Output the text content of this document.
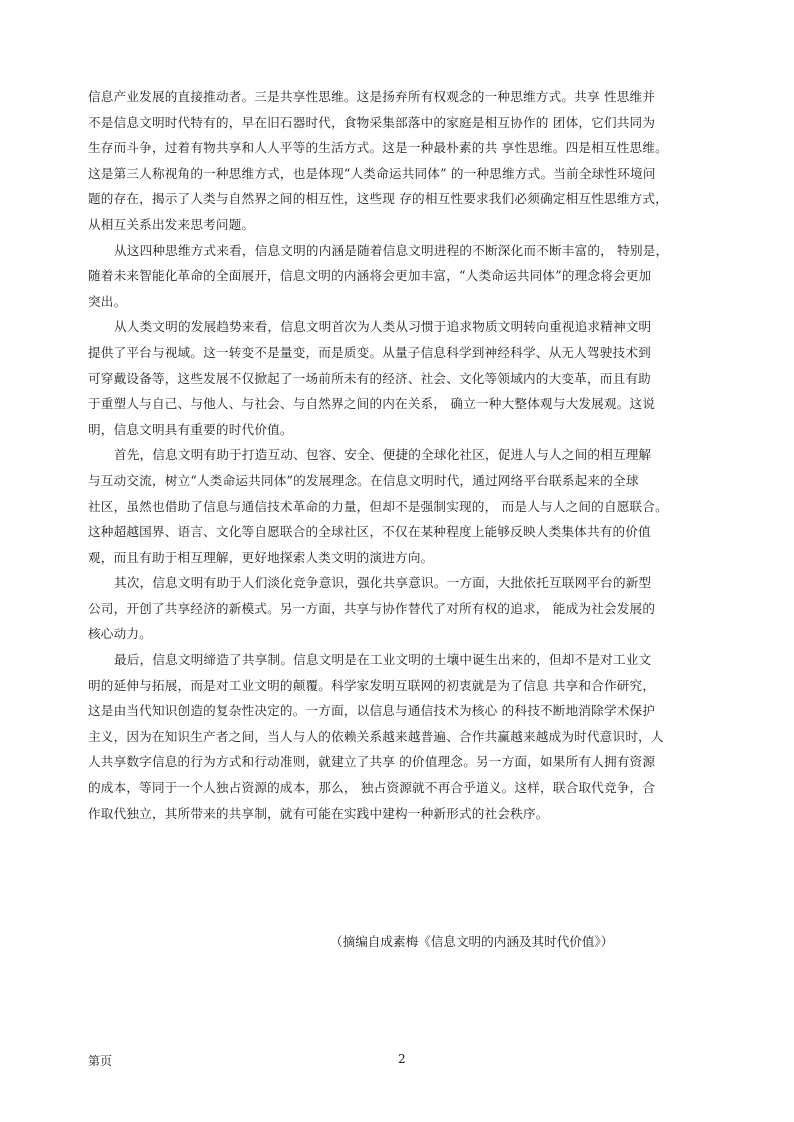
信息产业发展的直接推动者。三是共享性思维。这是扬弃所有权观念的一种思维方式。共享 性思维并
不是信息文明时代特有的，早在旧石器时代，食物采集部落中的家庭是相互协作的 团体，它们共同为
生存而斗争，过着有物共享和人人平等的生活方式。这是一种最朴素的共 享性思维。四是相互性思维。
这是第三人称视角的一种思维方式，也是体现“人类命运共同体” 的一种思维方式。当前全球性环境问
题的存在，揭示了人类与自然界之间的相互性，这些现 存的相互性要求我们必须确定相互性思维方式，
从相互关系出发来思考问题。
从这四种思维方式来看，信息文明的内涵是随着信息文明进程的不断深化而不断丰富的， 特别是，
随着未来智能化革命的全面展开，信息文明的内涵将会更加丰富，“人类命运共同体”的理念将会更加
突出。
从人类文明的发展趋势来看，信息文明首次为人类从习惯于追求物质文明转向重视追求精神文明
提供了平台与视域。这一转变不是量变，而是质变。从量子信息科学到神经科学、从无人驾驶技术到
可穿戴设备等，这些发展不仅掀起了一场前所未有的经济、社会、文化等领域内的大变革，而且有助
于重塑人与自己、与他人、与社会、与自然界之间的内在关系， 确立一种大整体观与大发展观。这说
明，信息文明具有重要的时代价值。
首先，信息文明有助于打造互动、包容、安全、便捷的全球化社区，促进人与人之间的相互理解
与互动交流，树立“人类命运共同体”的发展理念。在信息文明时代，通过网络平台联系起来的全球
社区，虽然也借助了信息与通信技术革命的力量，但却不是强制实现的， 而是人与人之间的自愿联合。
这种超越国界、语言、文化等自愿联合的全球社区，不仅在某种程度上能够反映人类集体共有的价值
观，而且有助于相互理解，更好地探索人类文明的演进方向。
其次，信息文明有助于人们淡化竞争意识，强化共享意识。一方面，大批依托互联网平台的新型
公司，开创了共享经济的新模式。另一方面，共享与协作替代了对所有权的追求， 能成为社会发展的
核心动力。
最后，信息文明缔造了共享制。信息文明是在工业文明的土壤中诞生出来的，但却不是对工业文
明的延伸与拓展，而是对工业文明的颠覆。科学家发明互联网的初衷就是为了信息 共享和合作研究，
这是由当代知识创造的复杂性决定的。一方面，以信息与通信技术为核心 的科技不断地消除学术保护
主义，因为在知识生产者之间，当人与人的依赖关系越来越普遍、合作共赢越来越成为时代意识时，人
人共享数字信息的行为方式和行动准则，就建立了共享 的价值理念。另一方面，如果所有人拥有资源
的成本，等同于一个人独占资源的成本，那么， 独占资源就不再合乎道义。这样，联合取代竞争，合
作取代独立，其所带来的共享制，就有可能在实践中建构一种新形式的社会秩序。
（摘编自成素梅《信息文明的内涵及其时代价值》）
第页	2
